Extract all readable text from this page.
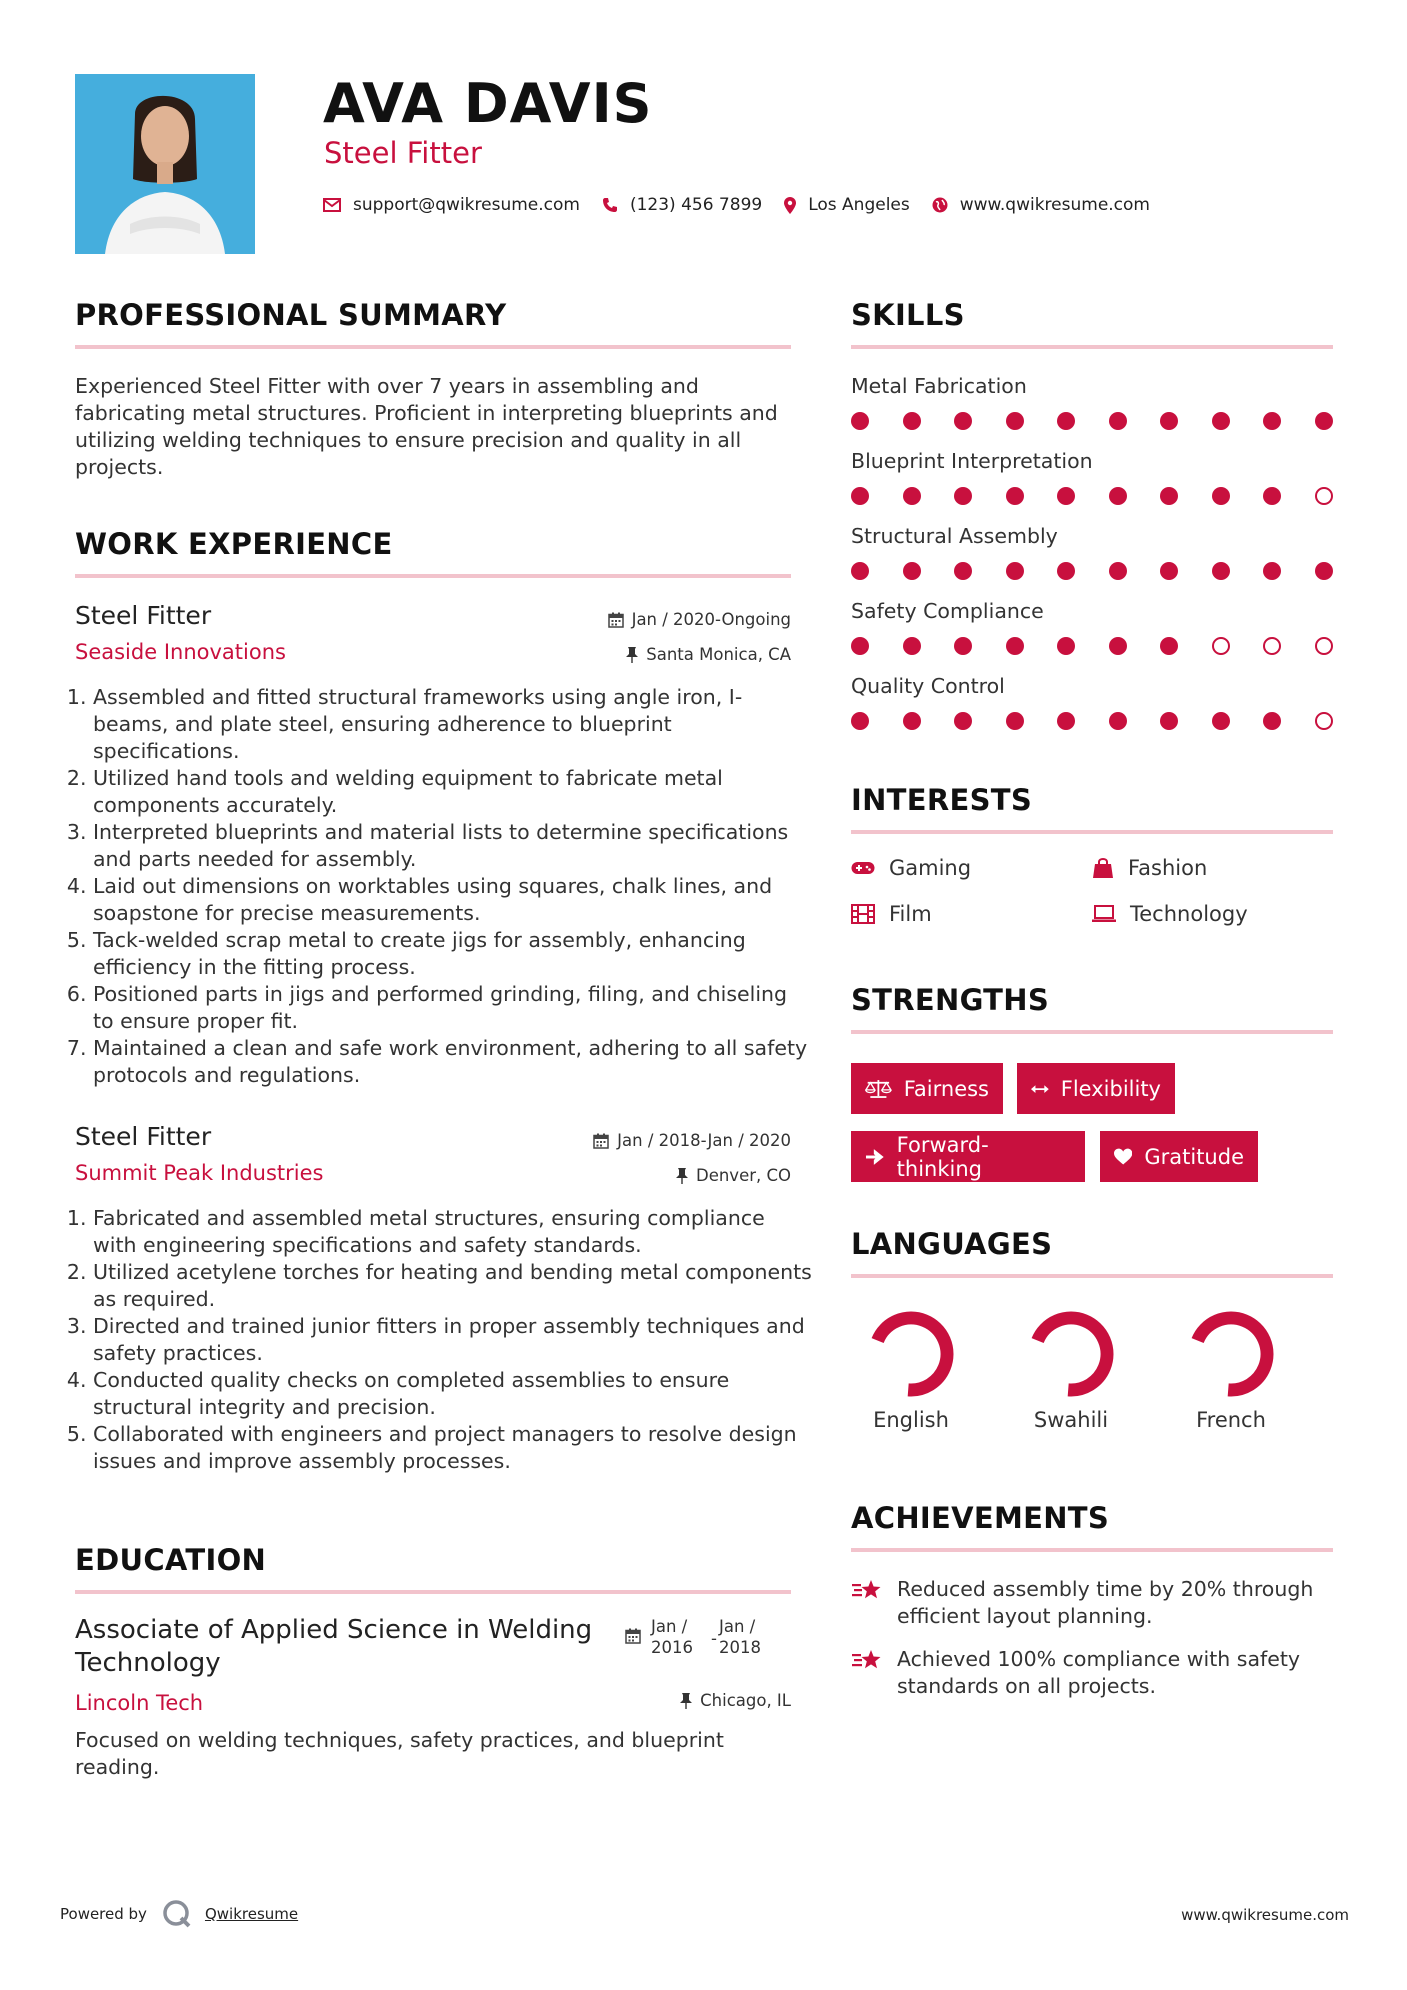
AVA DAVIS
Steel Fitter
support@qwikresume.com	(123) 456 7899	Los Angeles	www.qwikresume.com
PROFESSIONAL SUMMARY
Experienced Steel Fitter with over 7 years in assembling and fabricating metal structures. Proficient in interpreting blueprints and utilizing welding techniques to ensure precision and quality in all projects.
WORK EXPERIENCE
Steel Fitter
Seaside Innovations
Jan / 2020-Ongoing
Santa Monica, CA
1. Assembled and fitted structural frameworks using angle iron, I-beams, and plate steel, ensuring adherence to blueprint specifications.
2. Utilized hand tools and welding equipment to fabricate metal components accurately.
3. Interpreted blueprints and material lists to determine specifications and parts needed for assembly.
4. Laid out dimensions on worktables using squares, chalk lines, and soapstone for precise measurements.
5. Tack-welded scrap metal to create jigs for assembly, enhancing efficiency in the fitting process.
6. Positioned parts in jigs and performed grinding, filing, and chiseling to ensure proper fit.
7. Maintained a clean and safe work environment, adhering to all safety protocols and regulations.
Steel Fitter
Summit Peak Industries
Jan / 2018-Jan / 2020
Denver, CO
1. Fabricated and assembled metal structures, ensuring compliance with engineering specifications and safety standards.
2. Utilized acetylene torches for heating and bending metal components as required.
3. Directed and trained junior fitters in proper assembly techniques and safety practices.
4. Conducted quality checks on completed assemblies to ensure structural integrity and precision.
5. Collaborated with engineers and project managers to resolve design issues and improve assembly processes.
EDUCATION
Associate of Applied Science in Welding Technology
Jan /
2016 -
Jan /
2018
Lincoln Tech	Chicago, IL
Focused on welding techniques, safety practices, and blueprint reading.
SKILLS
Metal Fabrication
Blueprint Interpretation
Structural Assembly
Safety Compliance
Quality Control
INTERESTS
Gaming	Fashion
Film	Technology
STRENGTHS
Fairness	Flexibility
Forward-thinking	Gratitude
LANGUAGES
English	Swahili	French
ACHIEVEMENTS
Reduced assembly time by 20% through efficient layout planning.
Achieved 100% compliance with safety standards on all projects.
Powered by	Qwikresume	www.qwikresume.com
